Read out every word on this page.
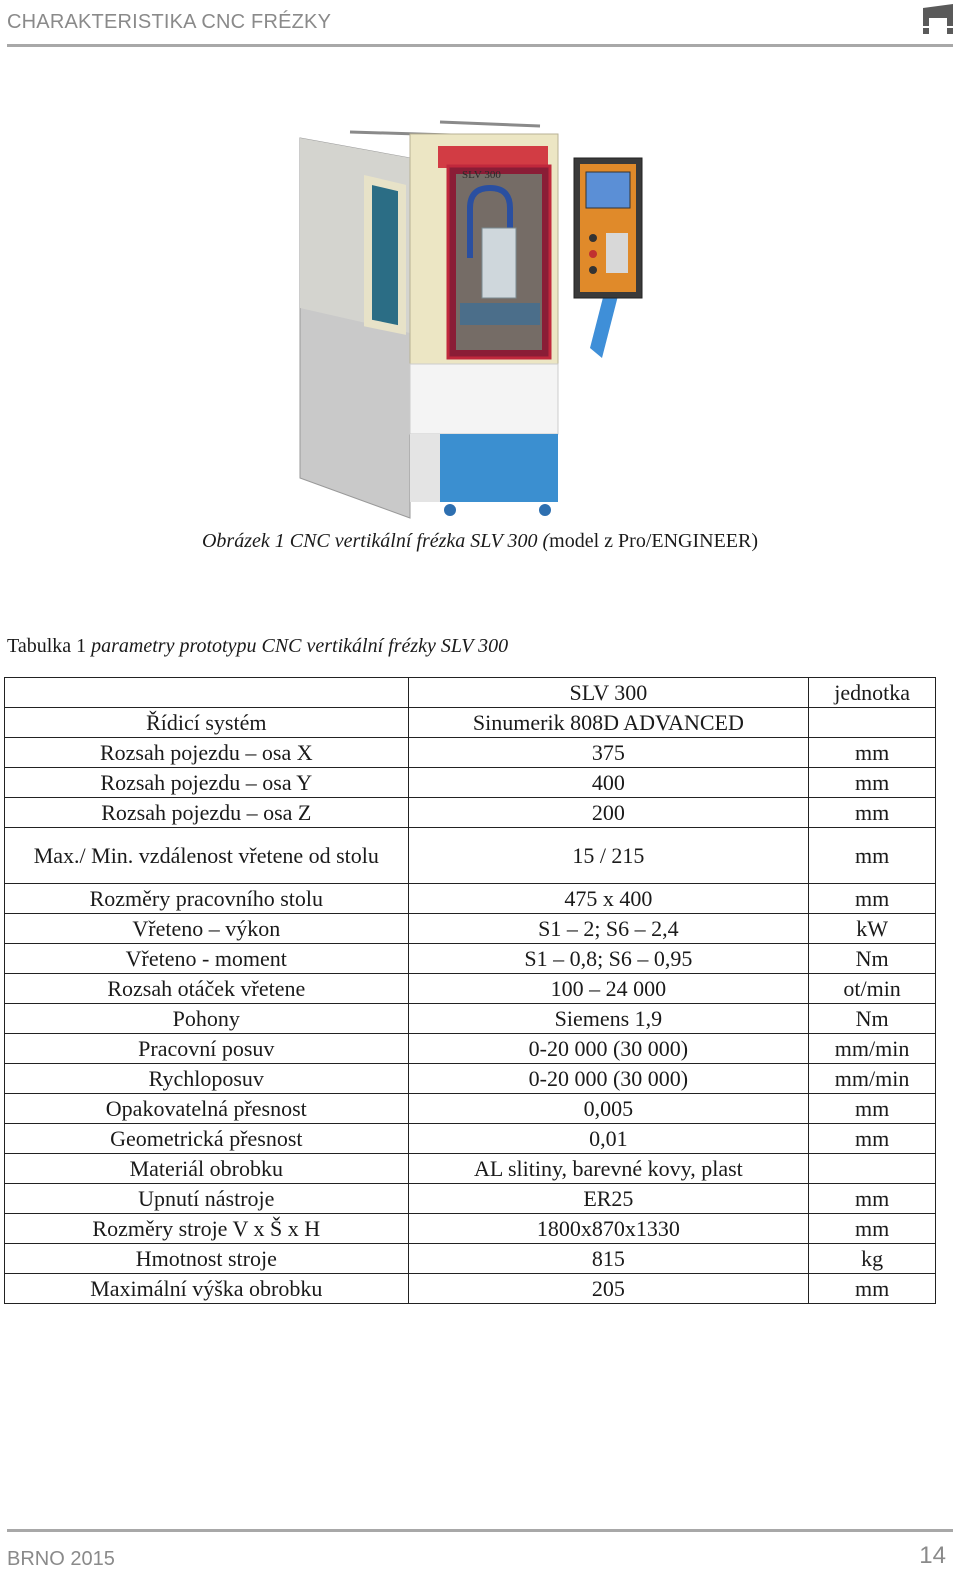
CHARAKTERISTIKA CNC FRÉZKY
SLV 300
Obrázek 1 CNC vertikální frézka SLV 300 (model z Pro/ENGINEER)
Tabulka 1 parametry prototypu CNC vertikální frézky SLV 300
	SLV 300	jednotka
Řídicí systém	Sinumerik 808D ADVANCED	
Rozsah pojezdu – osa X	375	mm
Rozsah pojezdu – osa Y	400	mm
Rozsah pojezdu – osa Z	200	mm
Max./ Min. vzdálenost vřetene od stolu	15 / 215	mm
Rozměry pracovního stolu	475 x 400	mm
Vřeteno – výkon	S1 – 2; S6 – 2,4	kW
Vřeteno - moment	S1 – 0,8; S6 – 0,95	Nm
Rozsah otáček vřetene	100 – 24 000	ot/min
Pohony	Siemens 1,9	Nm
Pracovní posuv	0-20 000 (30 000)	mm/min
Rychloposuv	0-20 000 (30 000)	mm/min
Opakovatelná přesnost	0,005	mm
Geometrická přesnost	0,01	mm
Materiál obrobku	AL slitiny, barevné kovy, plast	
Upnutí nástroje	ER25	mm
Rozměry stroje V x Š x H	1800x870x1330	mm
Hmotnost stroje	815	kg
Maximální výška obrobku	205	mm
BRNO 2015	14
